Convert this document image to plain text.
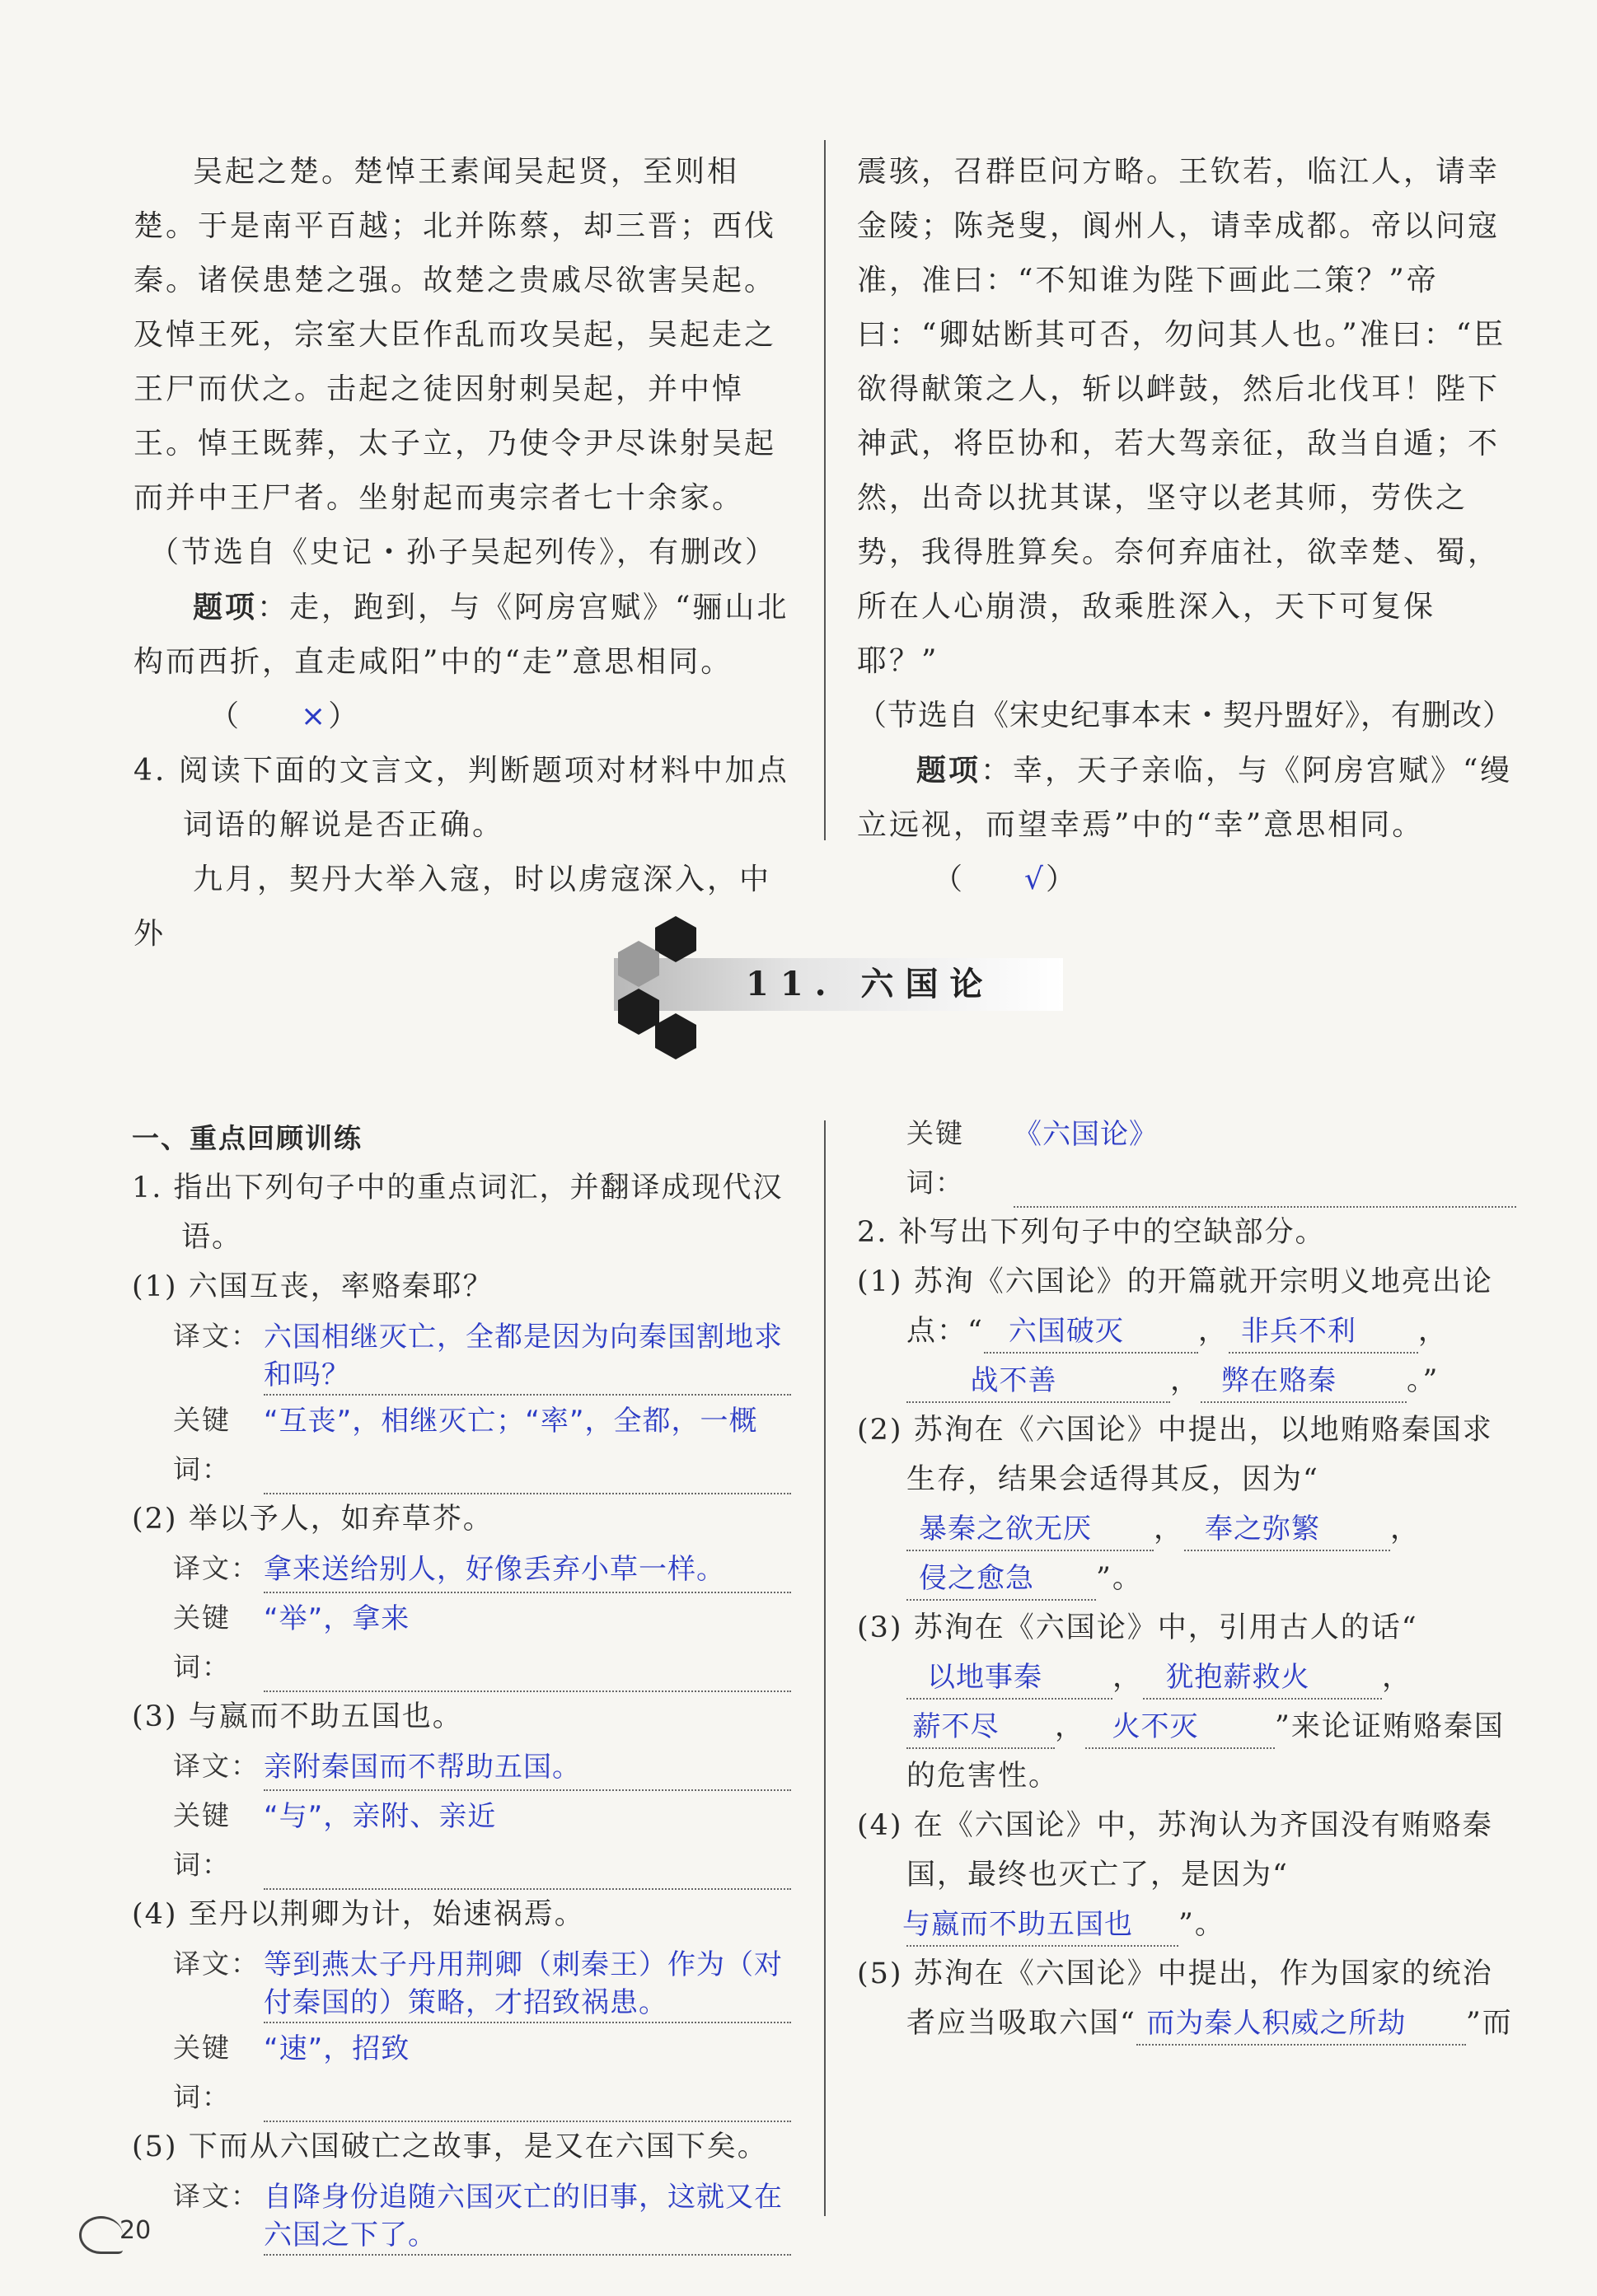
吴起之楚。楚悼王素闻吴起贤，至则相楚。于是南平百越；北并陈蔡，却三晋；西伐秦。诸侯患楚之强。故楚之贵戚尽欲害吴起。及悼王死，宗室大臣作乱而攻吴起，吴起走之王尸而伏之。击起之徒因射刺吴起，并中悼王。悼王既葬，太子立，乃使令尹尽诛射吴起而并中王尸者。坐射起而夷宗者七十余家。

（节选自《史记・孙子吴起列传》，有删改）

题项：走，跑到，与《阿房宫赋》“骊山北构而西折，直走咸阳”中的“走”意思相同。（ ×）

4. 阅读下面的文言文，判断题项对材料中加点词语的解说是否正确。

九月，契丹大举入寇，时以虏寇深入，中外

震骇，召群臣问方略。王钦若，临江人，请幸金陵；陈尧叟，阆州人，请幸成都。帝以问寇准，准曰：“不知谁为陛下画此二策？”帝曰：“卿姑断其可否，勿问其人也。”准曰：“臣欲得献策之人，斩以衅鼓，然后北伐耳！陛下神武，将臣协和，若大驾亲征，敌当自遁；不然，出奇以扰其谋，坚守以老其师，劳佚之势，我得胜算矣。奈何弃庙社，欲幸楚、蜀，所在人心崩溃，敌乘胜深入，天下可复保耶？”

（节选自《宋史纪事本末・契丹盟好》，有删改）

题项：幸，天子亲临，与《阿房宫赋》“缦立远视，而望幸焉”中的“幸”意思相同。（ √）

11. 六国论

一、重点回顾训练

1. 指出下列句子中的重点词汇，并翻译成现代汉语。

(1) 六国互丧，率赂秦耶？

译文： 六国相继灭亡，全都是因为向秦国割地求和吗？
关键词：
“互丧”，相继灭亡；“率”，全都，一概

(2) 举以予人，如弃草芥。

译文： 拿来送给别人，好像丢弃小草一样。
关键词：
“举”，拿来

(3) 与嬴而不助五国也。

译文： 亲附秦国而不帮助五国。
关键词：
“与”，亲附、亲近

(4) 至丹以荆卿为计，始速祸焉。

译文： 等到燕太子丹用荆卿（刺秦王）作为（对付秦国的）策略，才招致祸患。
关键词：
“速”，招致

(5) 下而从六国破亡之故事，是又在六国下矣。

译文： 自降身份追随六国灭亡的旧事，这就又在六国之下了。
关键词：
《六国论》

2. 补写出下列句子中的空缺部分。

(1) 苏洵《六国论》的开篇就开宗明义地亮出论点：“ 六国破灭	， 非兵不利 ，战不善	， 弊在赂秦 。”

(2) 苏洵在《六国论》中提出，以地贿赂秦国求生存，结果会适得其反，因为“暴秦之欲无厌 ， 奉之弥繁 ，侵之愈急 ”。

(3) 苏洵在《六国论》中，引用古人的话“以地事秦 ， 犹抱薪救火	，薪不尽 ， 火不灭	”来论证贿赂秦国的危害性。

(4) 在《六国论》中，苏洵认为齐国没有贿赂秦国，最终也灭亡了，是因为“与嬴而不助五国也 ”。

(5) 苏洵在《六国论》中提出，作为国家的统治者应当吸取六国“ 而为秦人积威之所劫 ”而

20
